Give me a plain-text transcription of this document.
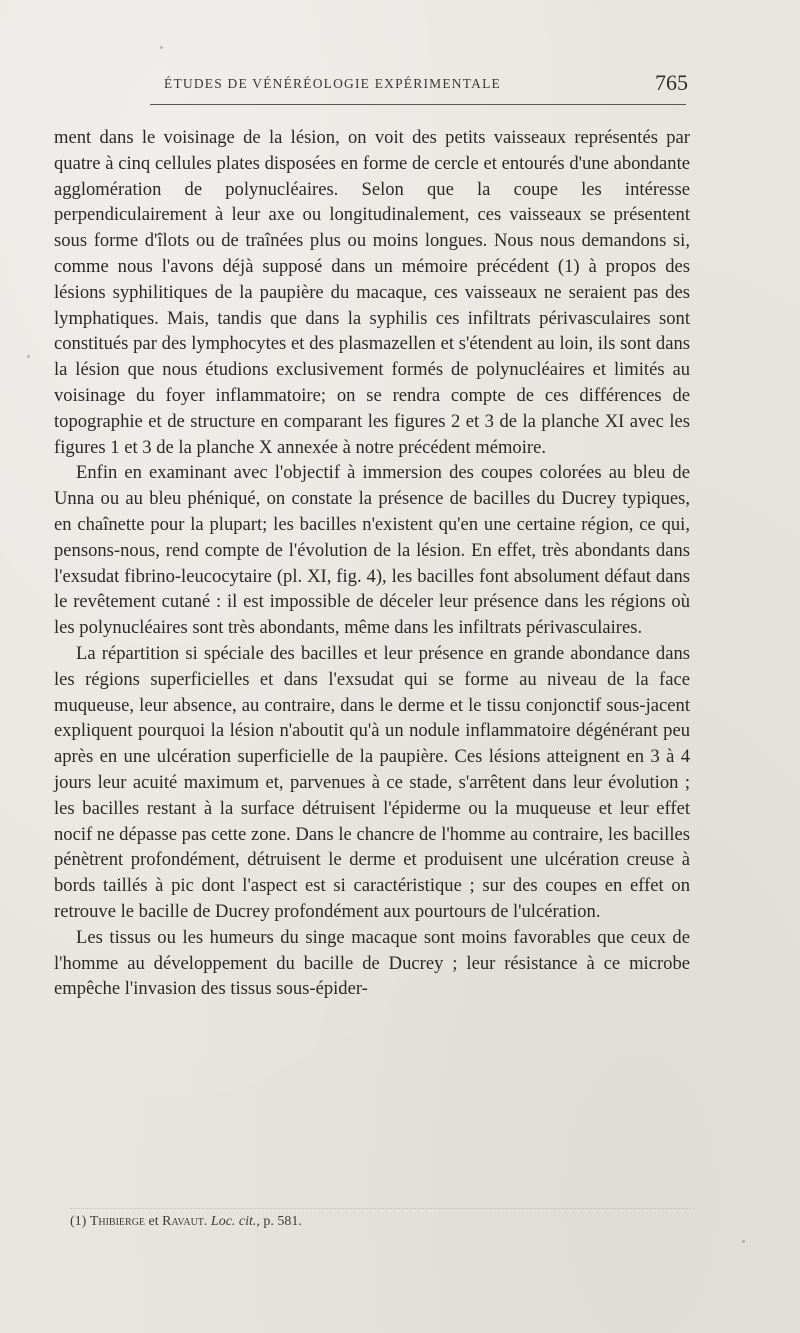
ÉTUDES DE VÉNÉRÉOLOGIE EXPÉRIMENTALE	765

ment dans le voisinage de la lésion, on voit des petits vaisseaux représentés par quatre à cinq cellules plates disposées en forme de cercle et entourés d'une abondante agglomération de polynucléaires. Selon que la coupe les intéresse perpendiculairement à leur axe ou longitudinalement, ces vaisseaux se présentent sous forme d'îlots ou de traînées plus ou moins longues. Nous nous demandons si, comme nous l'avons déjà supposé dans un mémoire précédent (1) à propos des lésions syphilitiques de la paupière du macaque, ces vaisseaux ne seraient pas des lymphatiques. Mais, tandis que dans la syphilis ces infiltrats périvasculaires sont constitués par des lymphocytes et des plasmazellen et s'étendent au loin, ils sont dans la lésion que nous étudions exclusivement formés de polynucléaires et limités au voisinage du foyer inflammatoire; on se rendra compte de ces différences de topographie et de structure en comparant les figures 2 et 3 de la planche XI avec les figures 1 et 3 de la planche X annexée à notre précédent mémoire.

Enfin en examinant avec l'objectif à immersion des coupes colorées au bleu de Unna ou au bleu phéniqué, on constate la présence de bacilles du Ducrey typiques, en chaînette pour la plupart; les bacilles n'existent qu'en une certaine région, ce qui, pensons-nous, rend compte de l'évolution de la lésion. En effet, très abondants dans l'exsudat fibrino-leucocytaire (pl. XI, fig. 4), les bacilles font absolument défaut dans le revêtement cutané : il est impossible de déceler leur présence dans les régions où les polynucléaires sont très abondants, même dans les infiltrats périvasculaires.

La répartition si spéciale des bacilles et leur présence en grande abondance dans les régions superficielles et dans l'exsudat qui se forme au niveau de la face muqueuse, leur absence, au contraire, dans le derme et le tissu conjonctif sous-jacent expliquent pourquoi la lésion n'aboutit qu'à un nodule inflammatoire dégénérant peu après en une ulcération superficielle de la paupière. Ces lésions atteignent en 3 à 4 jours leur acuité maximum et, parvenues à ce stade, s'arrêtent dans leur évolution ; les bacilles restant à la surface détruisent l'épiderme ou la muqueuse et leur effet nocif ne dépasse pas cette zone. Dans le chancre de l'homme au contraire, les bacilles pénètrent profondément, détruisent le derme et produisent une ulcération creuse à bords taillés à pic dont l'aspect est si caractéristique ; sur des coupes en effet on retrouve le bacille de Ducrey profondément aux pourtours de l'ulcération.

Les tissus ou les humeurs du singe macaque sont moins favorables que ceux de l'homme au développement du bacille de Ducrey ; leur résistance à ce microbe empêche l'invasion des tissus sous-épider-

(1) Thibierge et Ravaut. Loc. cit., p. 581.
